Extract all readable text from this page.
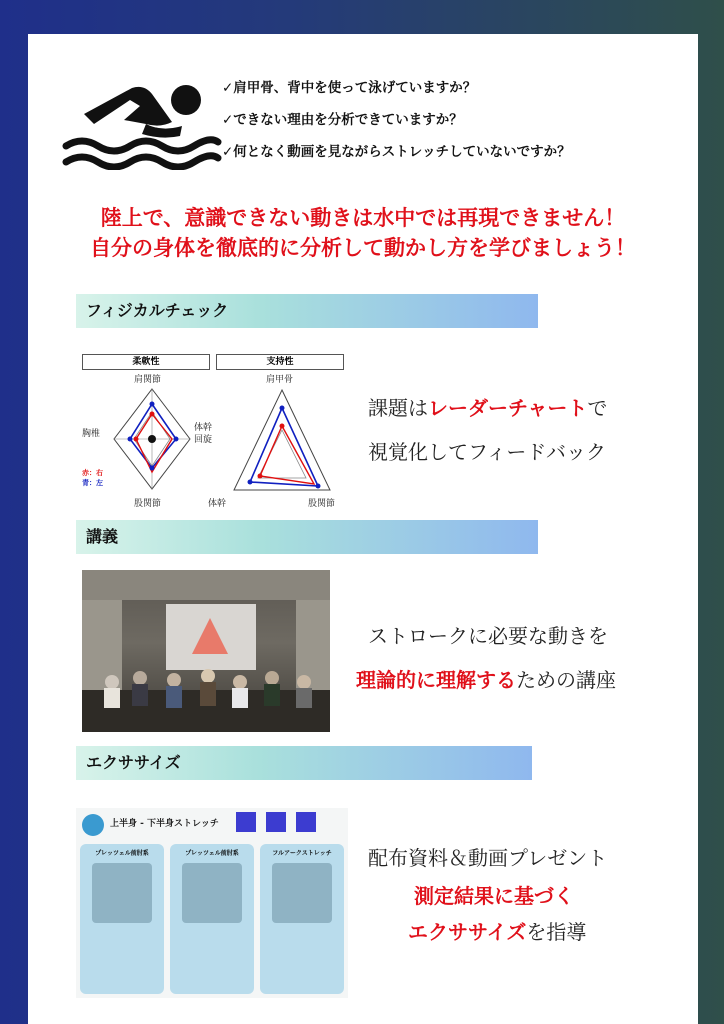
✓肩甲骨、背中を使って泳げていますか？
✓できない理由を分析できていますか？
✓何となく動画を見ながらストレッチしていないですか？
陸上で、意識できない動きは水中では再現できません！
自分の身体を徹底的に分析して動かし方を学びましょう！
フィジカルチェック
柔軟性
肩関節
体幹
回旋
股関節
胸椎
赤：右
青：左
支持性
肩甲骨
体幹	股関節
課題はレーダーチャートで
視覚化してフィードバック
講義
ストロークに必要な動きを
理論的に理解するための講座
エクササイズ
上半身 - 下半身ストレッチ
プレッツェル前肘系	プレッツェル前肘系	フルアークストレッチ	配布資料＆動画プレゼント
測定結果に基づく
エクササイズを指導
